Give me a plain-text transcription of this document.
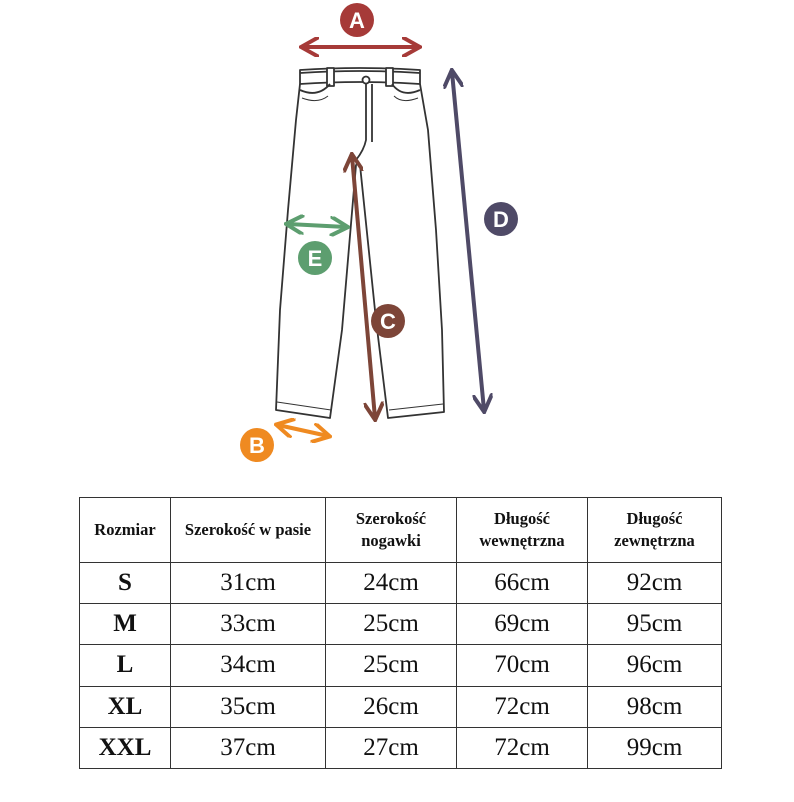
A
D
C
E
B
Rozmiar	Szerokość w pasie	Szerokość nogawki	Długość wewnętrzna	Długość zewnętrzna
S	31cm	24cm	66cm	92cm
M	33cm	25cm	69cm	95cm
L	34cm	25cm	70cm	96cm
XL	35cm	26cm	72cm	98cm
XXL	37cm	27cm	72cm	99cm
